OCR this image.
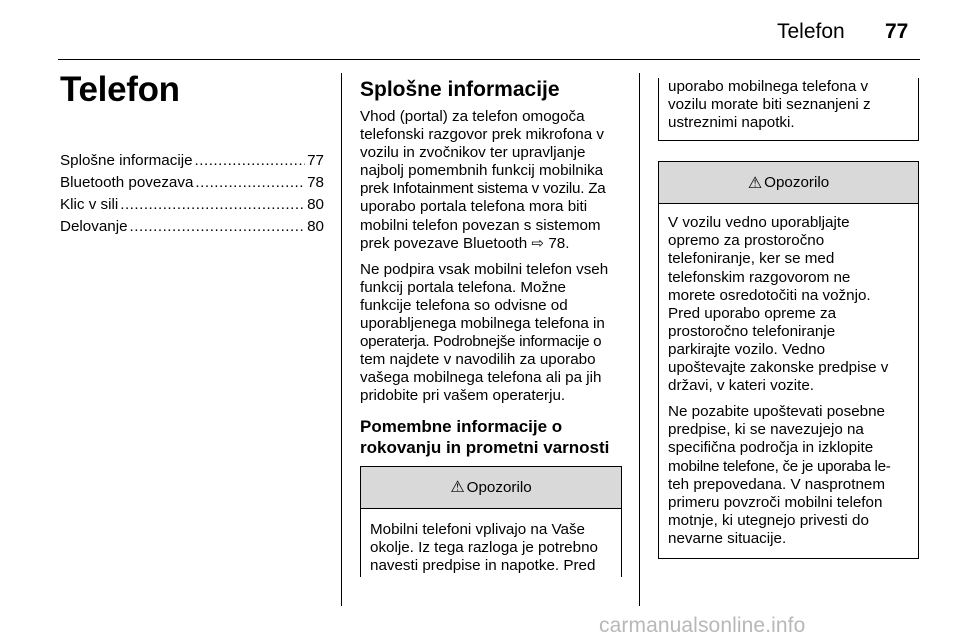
Telefon 77
Telefon
Splošne informacije .....	77
Bluetooth povezava .....	78
Klic v sili .....	80
Delovanje .....	80
Splošne informacije
Vhod (portal) za telefon omogoča
telefonski razgovor prek mikrofona v
vozilu in zvočnikov ter upravljanje
najbolj pomembnih funkcij mobilnika
prek Infotainment sistema v vozilu. Za
uporabo portala telefona mora biti
mobilni telefon povezan s sistemom
prek povezave Bluetooth ⇨ 78.
Ne podpira vsak mobilni telefon vseh
funkcij portala telefona. Možne
funkcije telefona so odvisne od
uporabljenega mobilnega telefona in
operaterja. Podrobnejše informacije o
tem najdete v navodilih za uporabo
vašega mobilnega telefona ali pa jih
pridobite pri vašem operaterju.
Pomembne informacije o
rokovanju in prometni varnosti
⚠ Opozorilo
Mobilni telefoni vplivajo na Vaše
okolje. Iz tega razloga je potrebno
navesti predpise in napotke. Pred
uporabo mobilnega telefona v
vozilu morate biti seznanjeni z
ustreznimi napotki.
⚠ Opozorilo
V vozilu vedno uporabljajte
opremo za prostoročno
telefoniranje, ker se med
telefonskim razgovorom ne
morete osredotočiti na vožnjo.
Pred uporabo opreme za
prostoročno telefoniranje
parkirajte vozilo. Vedno
upoštevajte zakonske predpise v
državi, v kateri vozite.
Ne pozabite upoštevati posebne
predpise, ki se navezujejo na
specifična področja in izklopite
mobilne telefone, če je uporaba le-
teh prepovedana. V nasprotnem
primeru povzroči mobilni telefon
motnje, ki utegnejo privesti do
nevarne situacije.
carmanualsonline.info
